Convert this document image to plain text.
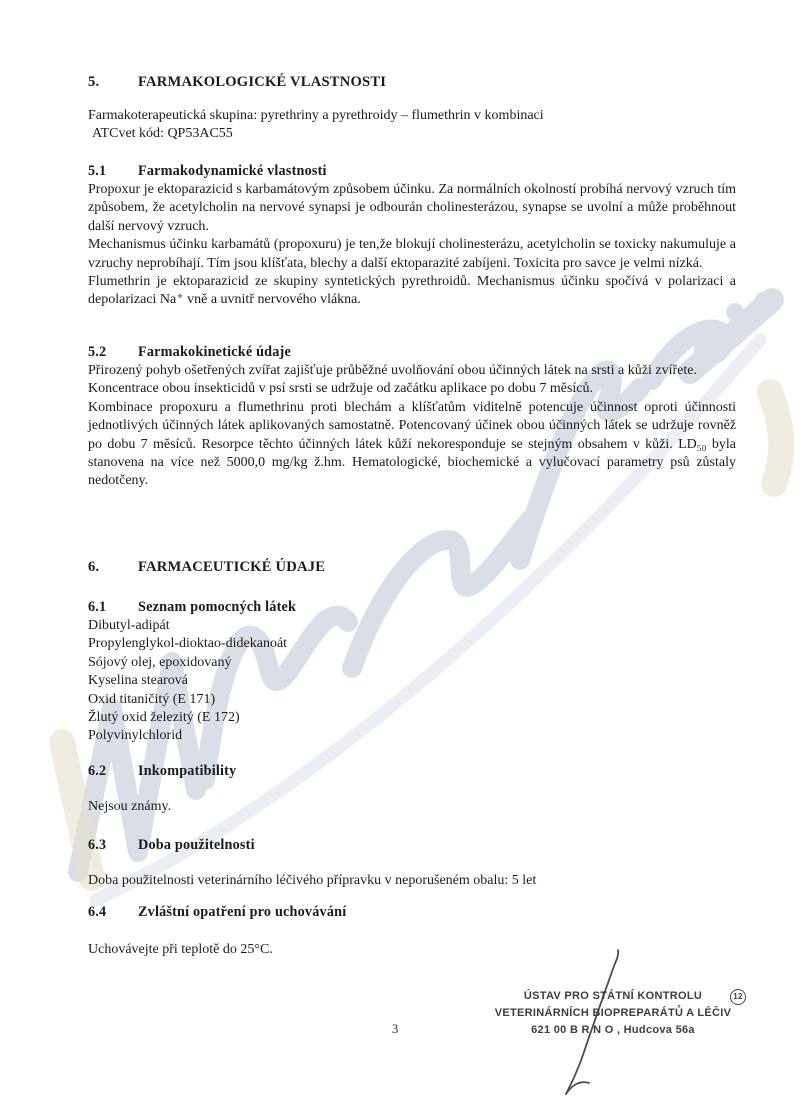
5.	FARMAKOLOGICKÉ VLASTNOSTI
Farmakoterapeutická skupina: pyrethriny a pyrethroidy – flumethrin v kombinaci
ATCvet kód: QP53AC55
5.1	Farmakodynamické vlastnosti

Propoxur je ektoparazicid s karbamátovým způsobem účinku. Za normálních okolností probíhá nervový vzruch tím způsobem, že acetylcholin na nervové synapsi je odbourán cholinesterázou, synapse se uvolní a může proběhnout další nervový vzruch.

Mechanismus účinku karbamátů (propoxuru) je ten,že blokují cholinesterázu, acetylcholin se toxicky nakumuluje a vzruchy neprobíhají. Tím jsou klíšťata, blechy a další ektoparazité zabíjeni. Toxicita pro savce je velmi nízká.

Flumethrin je ektoparazicid ze skupiny syntetických pyrethroidů. Mechanismus účinku spočívá v polarizaci a depolarizaci Na⁺ vně a uvnitř nervového vlákna.

5.2	Farmakokinetické údaje

Přirozený pohyb ošetřených zvířat zajišťuje průběžné uvolňování obou účinných látek na srsti a kůži zvířete.

Koncentrace obou insekticidů v psí srsti se udržuje od začátku aplikace po dobu 7 měsíců.

Kombinace propoxuru a flumethrinu proti blechám a klíšťatům viditelně potencuje účinnost oproti účinnosti jednotlivých účinných látek aplikovaných samostatně. Potencovaný účinek obou účinných látek se udržuje rovněž po dobu 7 měsíců. Resorpce těchto účinných látek kůží nekoresponduje se stejným obsahem v kůži. LD₅₀ byla stanovena na více než 5000,0 mg/kg ž.hm. Hematologické, biochemické a vylučovací parametry psů zůstaly nedotčeny.

6.	FARMACEUTICKÉ ÚDAJE
6.1	Seznam pomocných látek
Dibutyl-adipát
Propylenglykol-dioktao-didekanoát
Sójový olej, epoxidovaný
Kyselina stearová
Oxid titaničitý (E 171)
Žlutý oxid železitý (E 172)
Polyvinylchlorid
6.2	Inkompatibility
Nejsou známy.
6.3	Doba použitelnosti
Doba použitelnosti veterinárního léčivého přípravku v neporušeném obalu: 5 let
6.4	Zvláštní opatření pro uchovávání
Uchovávejte při teplotě do 25°C.
3
12
ÚSTAV PRO STÁTNÍ KONTROLU
VETERINÁRNÍCH BIOPREPARÁTŮ A LÉČIV
621 00 B R N O , Hudcova 56a
